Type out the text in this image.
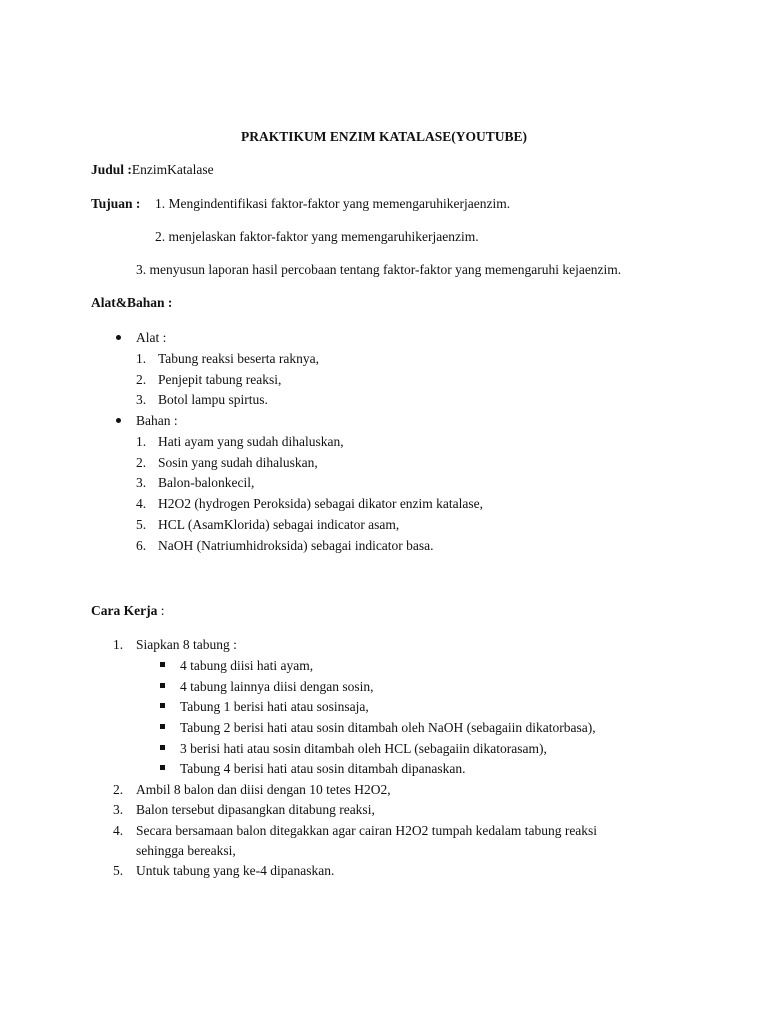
PRAKTIKUM ENZIM KATALASE(YOUTUBE)
Judul :EnzimKatalase
Tujuan : 1. Mengindentifikasi faktor-faktor yang memengaruhikerjaenzim.
2. menjelaskan faktor-faktor yang memengaruhikerjaenzim.
3. menyusun laporan hasil percobaan tentang faktor-faktor yang memengaruhi kejaenzim.
Alat&Bahan :
Alat :
1. Tabung reaksi beserta raknya,
2. Penjepit tabung reaksi,
3. Botol lampu spirtus.
Bahan :
1. Hati ayam yang sudah dihaluskan,
2. Sosin yang sudah dihaluskan,
3. Balon-balonkecil,
4. H2O2 (hydrogen Peroksida) sebagai dikator enzim katalase,
5. HCL (AsamKlorida) sebagai indicator asam,
6. NaOH (Natriumhidroksida) sebagai indicator basa.
Cara Kerja :
1. Siapkan 8 tabung :
4 tabung diisi hati ayam,
4 tabung lainnya diisi dengan sosin,
Tabung 1 berisi hati atau sosinsaja,
Tabung 2 berisi hati atau sosin ditambah oleh NaOH (sebagaiin dikatorbasa),
3 berisi hati atau sosin ditambah oleh HCL (sebagaiin dikatorasam),
Tabung 4 berisi hati atau sosin ditambah dipanaskan.
2. Ambil 8 balon dan diisi dengan 10 tetes H2O2,
3. Balon tersebut dipasangkan ditabung reaksi,
4. Secara bersamaan balon ditegakkan agar cairan H2O2 tumpah kedalam tabung reaksi
sehingga bereaksi,
5. Untuk tabung yang ke-4 dipanaskan.
